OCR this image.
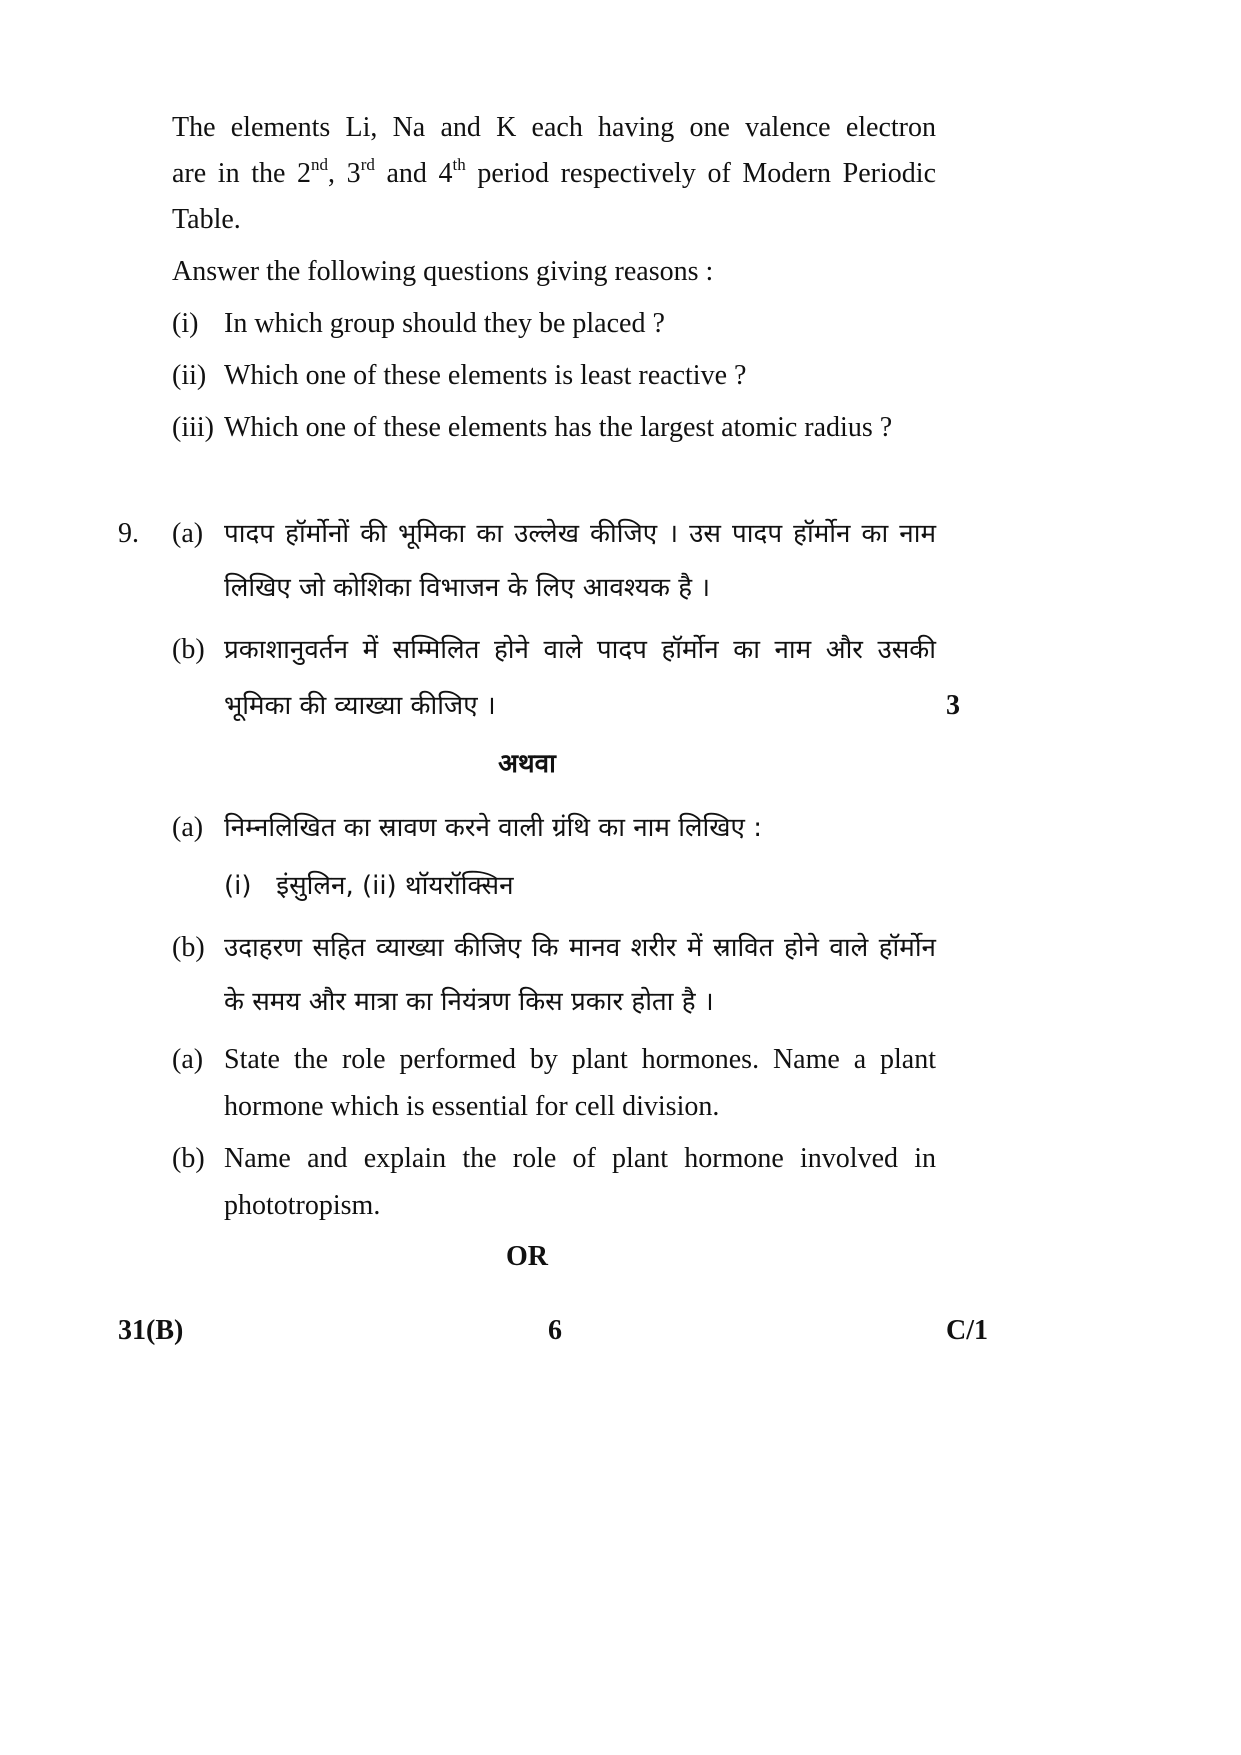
The elements Li, Na and K each having one valence electron
are in the 2nd, 3rd and 4th period respectively of Modern Periodic
Table.
Answer the following questions giving reasons :
(i) In which group should they be placed ?
(ii) Which one of these elements is least reactive ?
(iii) Which one of these elements has the largest atomic radius ?
9. (a) पादप हॉर्मोनों की भूमिका का उल्लेख कीजिए । उस पादप हॉर्मोन का नाम
लिखिए जो कोशिका विभाजन के लिए आवश्यक है ।
(b) प्रकाशानुवर्तन में सम्मिलित होने वाले पादप हॉर्मोन का नाम और उसकी
भूमिका की व्याख्या कीजिए ।	3
अथवा
(a) निम्नलिखित का स्रावण करने वाली ग्रंथि का नाम लिखिए :
(i)   इंसुलिन, (ii) थॉयरॉक्सिन
(b) उदाहरण सहित व्याख्या कीजिए कि मानव शरीर में स्रावित होने वाले हॉर्मोन
के समय और मात्रा का नियंत्रण किस प्रकार होता है ।
(a) State the role performed by plant hormones. Name a plant
hormone which is essential for cell division.
(b) Name and explain the role of plant hormone involved in
phototropism.
OR
31(B)	6	C/1
